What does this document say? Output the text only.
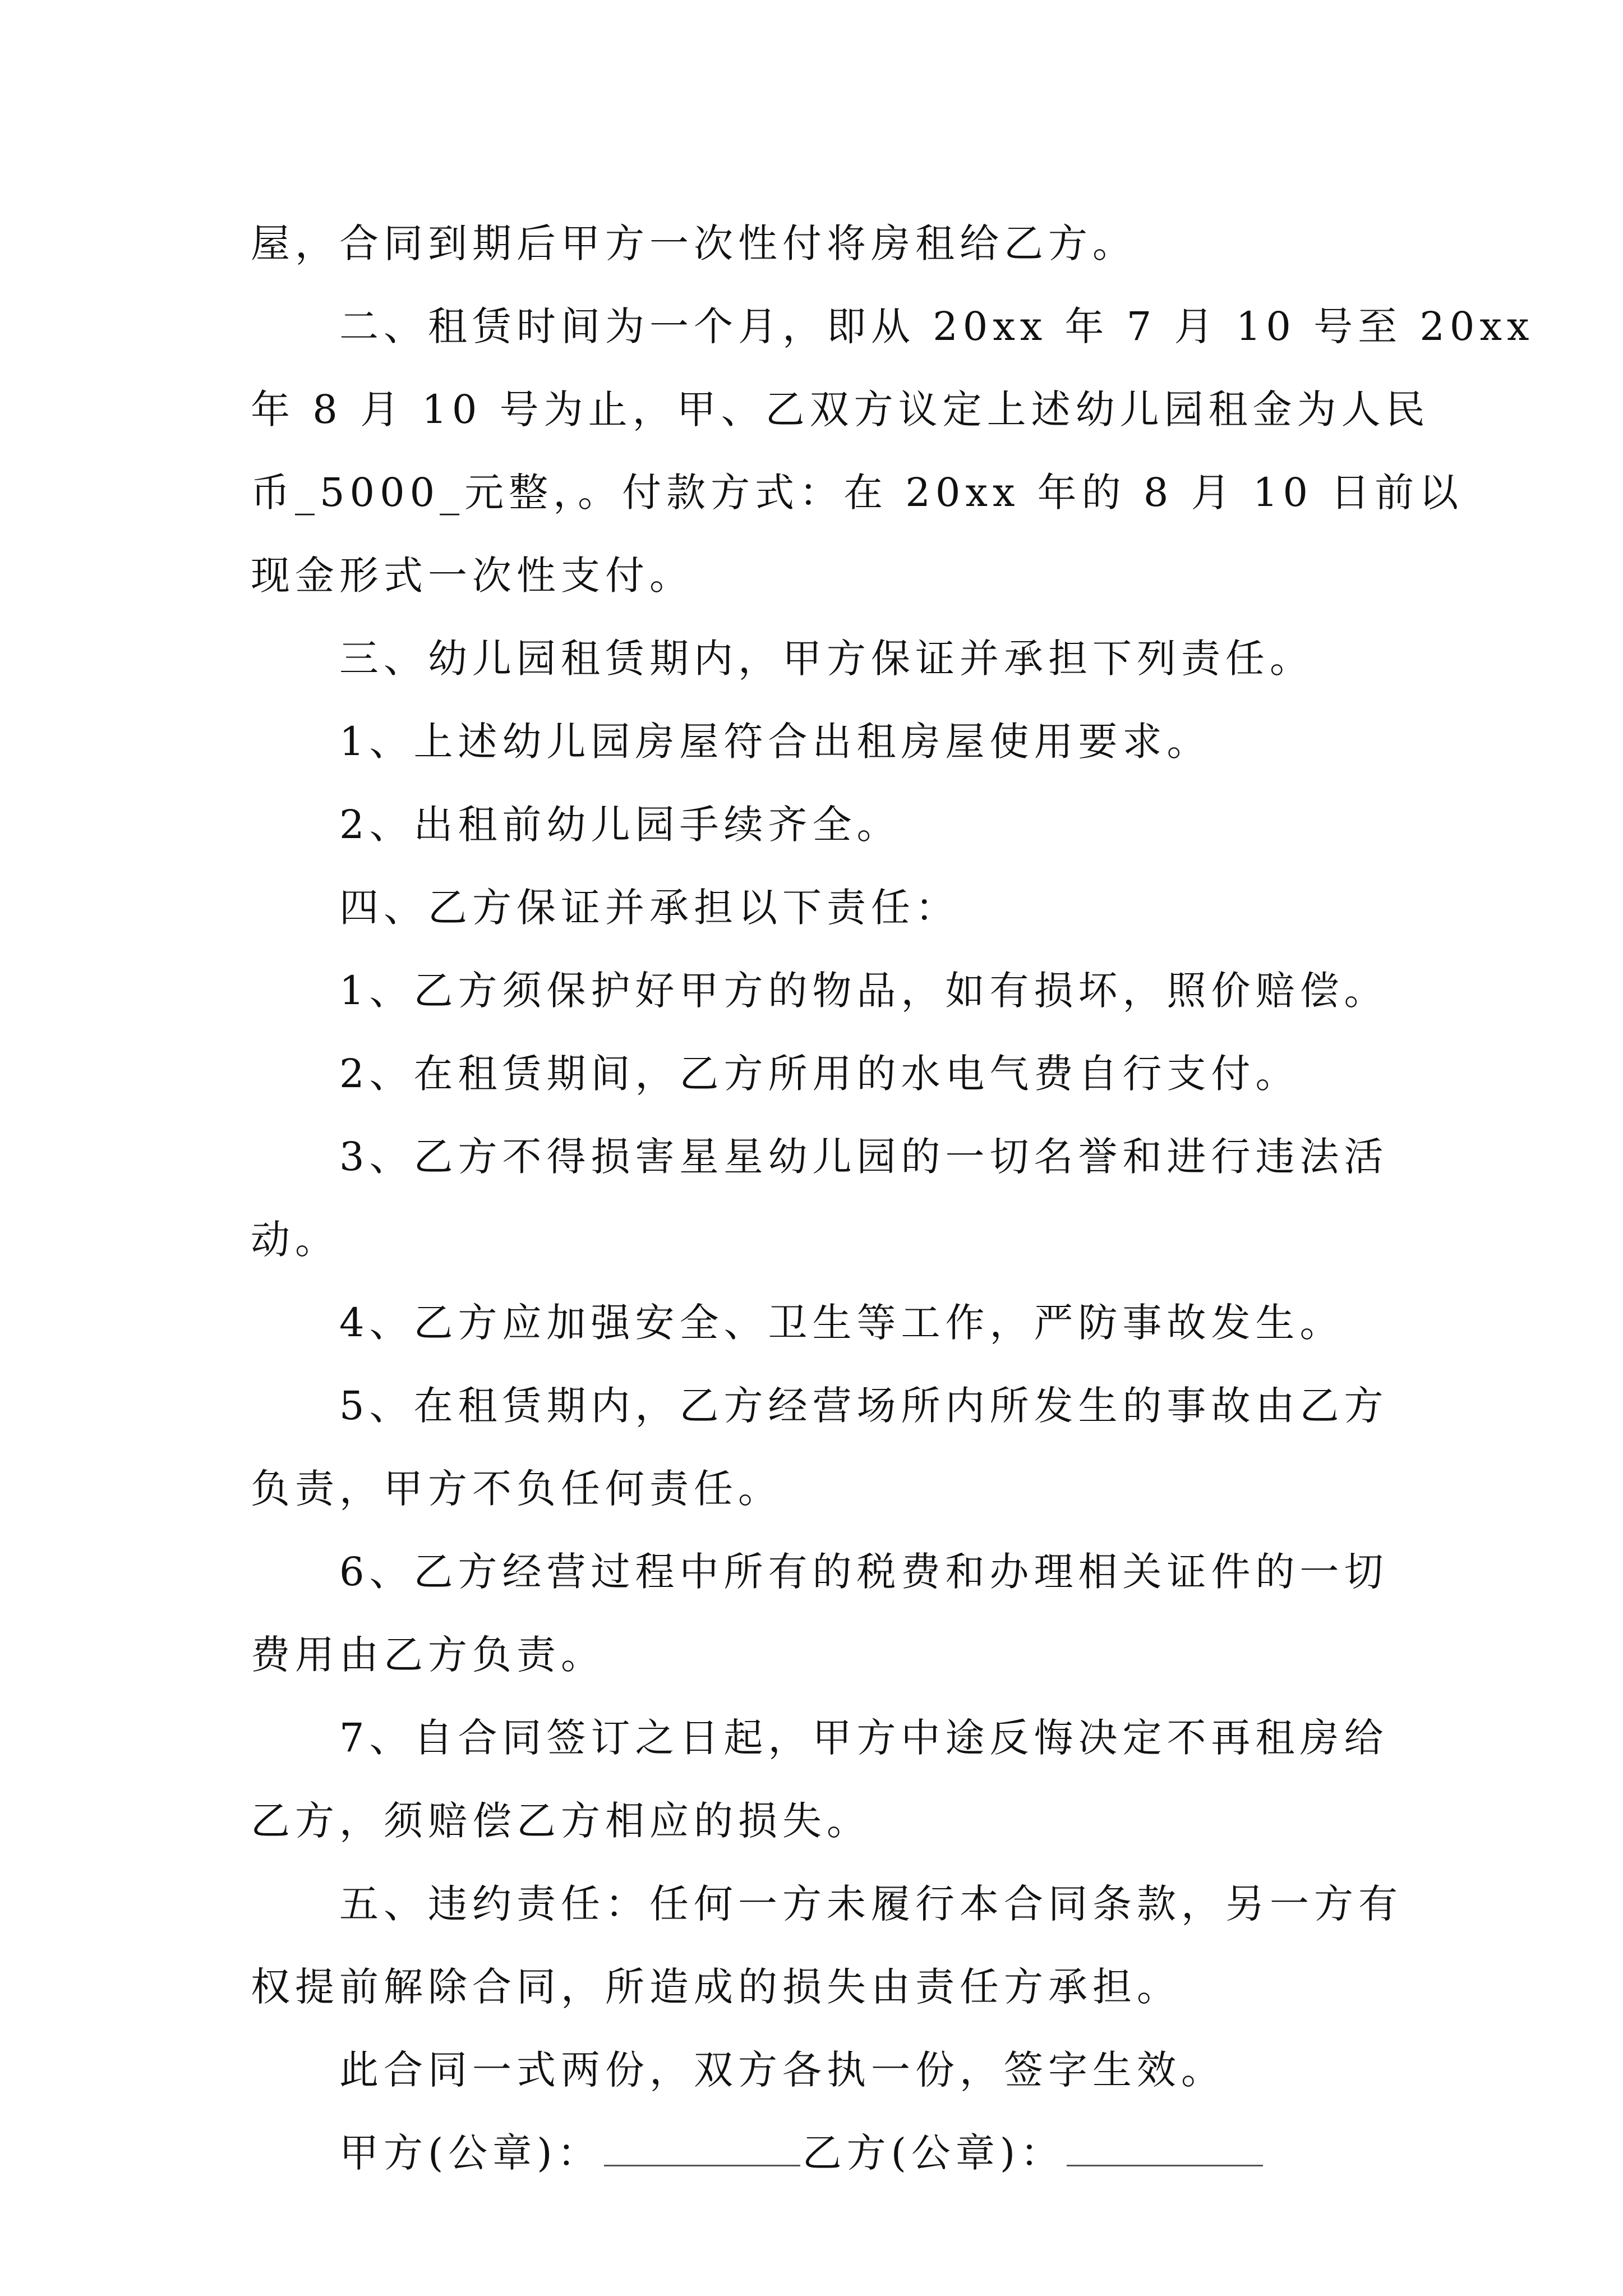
屋，合同到期后甲方一次性付将房租给乙方。
二、租赁时间为一个月，即从 20xx 年 7 月 10 号至 20xx
年 8 月 10 号为止，甲、乙双方议定上述幼儿园租金为人民
币_5000_元整，。付款方式：在 20xx 年的 8 月 10 日前以
现金形式一次性支付。
三、幼儿园租赁期内，甲方保证并承担下列责任。
1、上述幼儿园房屋符合出租房屋使用要求。
2、出租前幼儿园手续齐全。
四、乙方保证并承担以下责任：
1、乙方须保护好甲方的物品，如有损坏，照价赔偿。
2、在租赁期间，乙方所用的水电气费自行支付。
3、乙方不得损害星星幼儿园的一切名誉和进行违法活
动。
4、乙方应加强安全、卫生等工作，严防事故发生。
5、在租赁期内，乙方经营场所内所发生的事故由乙方
负责，甲方不负任何责任。
6、乙方经营过程中所有的税费和办理相关证件的一切
费用由乙方负责。
7、自合同签订之日起，甲方中途反悔决定不再租房给
乙方，须赔偿乙方相应的损失。
五、违约责任：任何一方未履行本合同条款，另一方有
权提前解除合同，所造成的损失由责任方承担。
此合同一式两份，双方各执一份，签字生效。
甲方(公章)：	乙方(公章)：
